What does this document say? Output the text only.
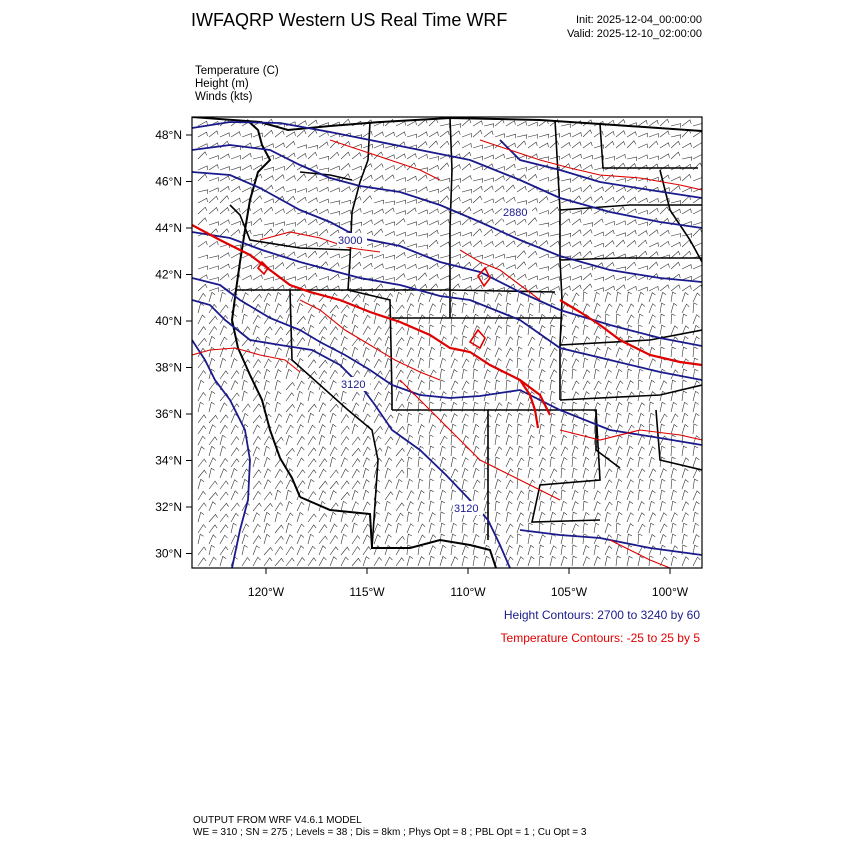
IWFAQRP Western US Real Time WRF	Init: 2025-12-04_00:00:00
Valid: 2025-12-10_02:00:00
Temperature (C)
Height (m)
Winds (kts)
48°N
46°N
44°N
42°N
40°N
38°N
36°N
34°N
32°N
30°N
120°W	115°W	110°W	105°W	100°W
2880
3000
3120
3120
Height Contours: 2700 to 3240 by 60
Temperature Contours: -25 to 25 by 5
OUTPUT FROM WRF V4.6.1 MODEL
WE = 310 ; SN = 275 ; Levels = 38 ; Dis = 8km ; Phys Opt = 8 ; PBL Opt = 1 ; Cu Opt = 3
